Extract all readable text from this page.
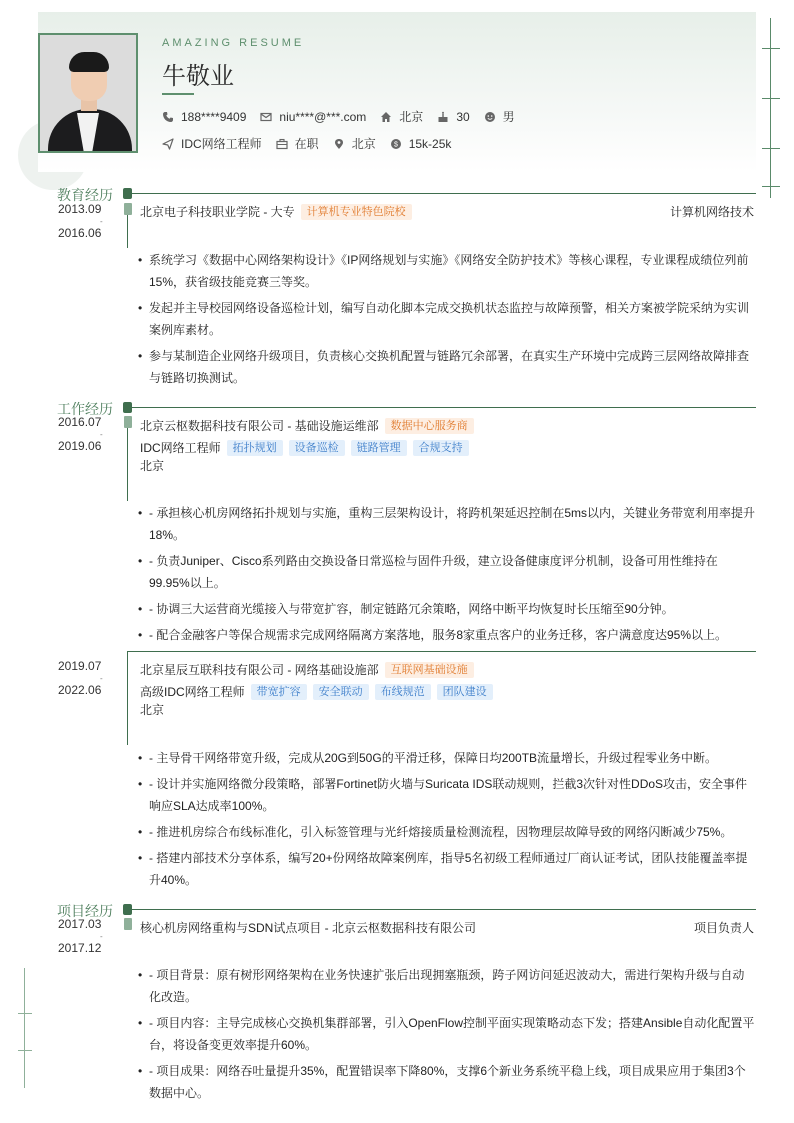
AMAZING RESUME
牛敬业
188****9409	niu****@***.com	北京	30	男
IDC网络工程师	在职	北京	$ 15k-25k
教育经历
2013.09
-
2016.06
北京电子科技职业学院 - 大专	计算机专业特色院校	计算机网络技术
• 系统学习《数据中心网络架构设计》《IP网络规划与实施》《网络安全防护技术》等核心课程，专业课程成绩位列前15%，获省级技能竞赛三等奖。
• 发起并主导校园网络设备巡检计划，编写自动化脚本完成交换机状态监控与故障预警，相关方案被学院采纳为实训案例库素材。
• 参与某制造企业网络升级项目，负责核心交换机配置与链路冗余部署，在真实生产环境中完成跨三层网络故障排查与链路切换测试。
工作经历
2016.07
-
2019.06
北京云枢数据科技有限公司 - 基础设施运维部	数据中心服务商
IDC网络工程师	拓扑规划	设备巡检	链路管理	合规支持
北京
• - 承担核心机房网络拓扑规划与实施，重构三层架构设计，将跨机架延迟控制在5ms以内，关键业务带宽利用率提升18%。
• - 负责Juniper、Cisco系列路由交换设备日常巡检与固件升级，建立设备健康度评分机制，设备可用性维持在99.95%以上。
• - 协调三大运营商光缆接入与带宽扩容，制定链路冗余策略，网络中断平均恢复时长压缩至90分钟。
• - 配合金融客户等保合规需求完成网络隔离方案落地，服务8家重点客户的业务迁移，客户满意度达95%以上。
2019.07
-
2022.06
北京星辰互联科技有限公司 - 网络基础设施部	互联网基础设施
高级IDC网络工程师	带宽扩容	安全联动	布线规范	团队建设
北京
• - 主导骨干网络带宽升级，完成从20G到50G的平滑迁移，保障日均200TB流量增长，升级过程零业务中断。
• - 设计并实施网络微分段策略，部署Fortinet防火墙与Suricata IDS联动规则，拦截3次针对性DDoS攻击，安全事件响应SLA达成率100%。
• - 推进机房综合布线标准化，引入标签管理与光纤熔接质量检测流程，因物理层故障导致的网络闪断减少75%。
• - 搭建内部技术分享体系，编写20+份网络故障案例库，指导5名初级工程师通过厂商认证考试，团队技能覆盖率提升40%。
项目经历
2017.03
-
2017.12
核心机房网络重构与SDN试点项目 - 北京云枢数据科技有限公司	项目负责人
• - 项目背景：原有树形网络架构在业务快速扩张后出现拥塞瓶颈，跨子网访问延迟波动大，需进行架构升级与自动化改造。
• - 项目内容：主导完成核心交换机集群部署，引入OpenFlow控制平面实现策略动态下发；搭建Ansible自动化配置平台，将设备变更效率提升60%。
• - 项目成果：网络吞吐量提升35%，配置错误率下降80%，支撑6个新业务系统平稳上线，项目成果应用于集团3个数据中心。
